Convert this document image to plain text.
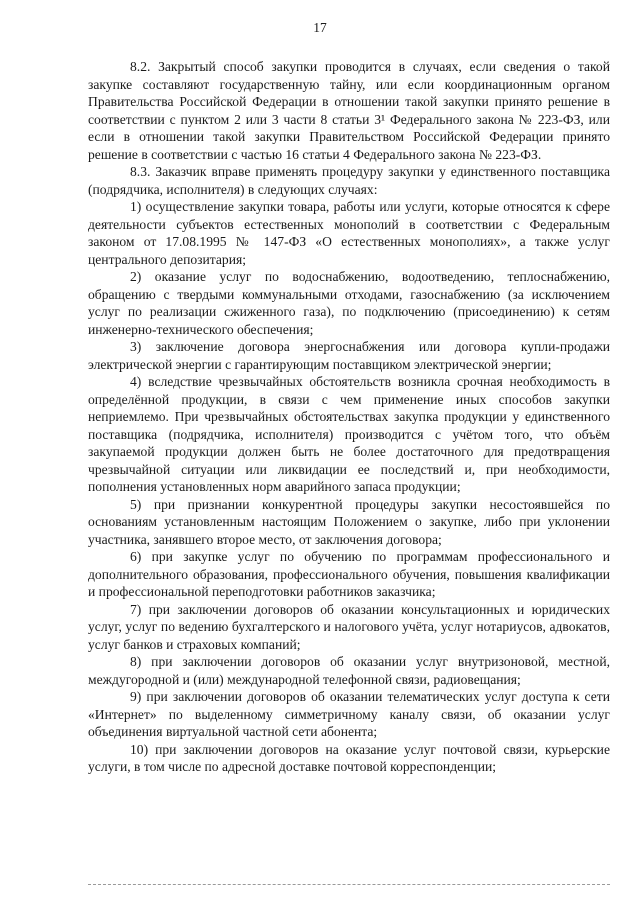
17

8.2. Закрытый способ закупки проводится в случаях, если сведения о такой закупке составляют государственную тайну, или если координационным органом Правительства Российской Федерации в отношении такой закупки принято решение в соответствии с пунктом 2 или 3 части 8 статьи 3¹ Федерального закона № 223-ФЗ, или если в отношении такой закупки Правительством Российской Федерации принято решение в соответствии с частью 16 статьи 4 Федерального закона № 223-ФЗ.

8.3. Заказчик вправе применять процедуру закупки у единственного поставщика (подрядчика, исполнителя) в следующих случаях:

1) осуществление закупки товара, работы или услуги, которые относятся к сфере деятельности субъектов естественных монополий в соответствии с Федеральным законом от 17.08.1995 № 147-ФЗ «О естественных монополиях», а также услуг центрального депозитария;

2) оказание услуг по водоснабжению, водоотведению, теплоснабжению, обращению с твердыми коммунальными отходами, газоснабжению (за исключением услуг по реализации сжиженного газа), по подключению (присоединению) к сетям инженерно-технического обеспечения;

3) заключение договора энергоснабжения или договора купли-продажи электрической энергии с гарантирующим поставщиком электрической энергии;

4) вследствие чрезвычайных обстоятельств возникла срочная необходимость в определённой продукции, в связи с чем применение иных способов закупки неприемлемо. При чрезвычайных обстоятельствах закупка продукции у единственного поставщика (подрядчика, исполнителя) производится с учётом того, что объём закупаемой продукции должен быть не более достаточного для предотвращения чрезвычайной ситуации или ликвидации ее последствий и, при необходимости, пополнения установленных норм аварийного запаса продукции;

5) при признании конкурентной процедуры закупки несостоявшейся по основаниям установленным настоящим Положением о закупке, либо при уклонении участника, занявшего второе место, от заключения договора;

6) при закупке услуг по обучению по программам профессионального и дополнительного образования, профессионального обучения, повышения квалификации и профессиональной переподготовки работников заказчика;

7) при заключении договоров об оказании консультационных и юридических услуг, услуг по ведению бухгалтерского и налогового учёта, услуг нотариусов, адвокатов, услуг банков и страховых компаний;

8) при заключении договоров об оказании услуг внутризоновой, местной, междугородной и (или) международной телефонной связи, радиовещания;

9) при заключении договоров об оказании телематических услуг доступа к сети «Интернет» по выделенному симметричному каналу связи, об оказании услуг объединения виртуальной частной сети абонента;

10) при заключении договоров на оказание услуг почтовой связи, курьерские услуги, в том числе по адресной доставке почтовой корреспонденции;
